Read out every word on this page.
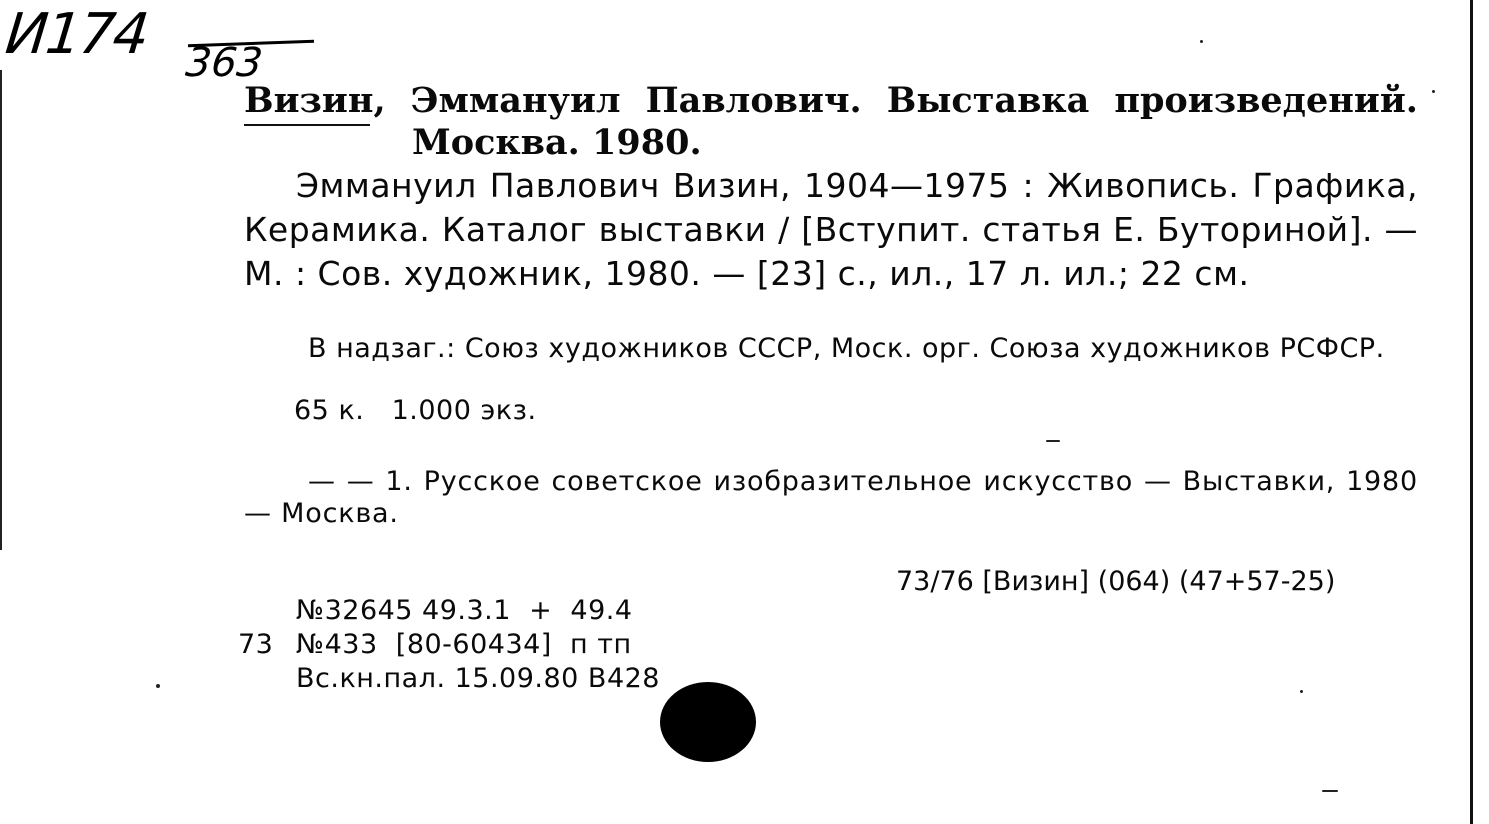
И174 363
Визин, Эммануил Павлович. Выставка произведений.
Москва. 1980.

Эммануил Павлович Визин, 1904—1975 : Живопись. Графика, Керамика. Каталог выставки / [Вступит. статья Е. Буториной]. — М. : Сов. художник, 1980. — [23] с., ил., 17 л. ил.; 22 см.

В надзаг.: Союз художников СССР, Моск. орг. Союза художников РСФСР.

65 к.   1.000 экз.

— — 1. Русское советское изобразительное искусство — Выставки, 1980 — Москва.

73/76 [Визин] (064) (47+57-25)

№32645 49.3.1  +  49.4
73 №433  [80-60434]  п тп
Вс.кн.пал. 15.09.80 В428
